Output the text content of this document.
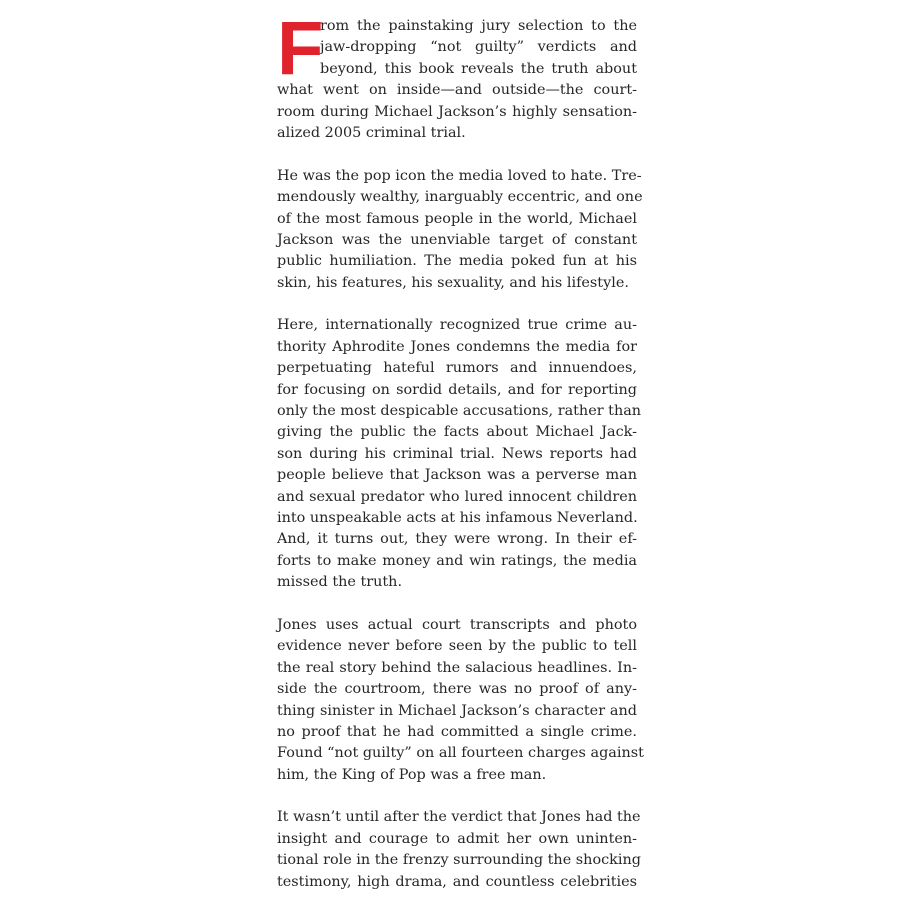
F
rom the painstaking jury selection to the
jaw-dropping “not guilty” verdicts and
beyond, this book reveals the truth about
what went on inside—and outside—the court-
room during Michael Jackson’s highly sensation-
alized 2005 criminal trial.
He was the pop icon the media loved to hate. Tre-
mendously wealthy, inarguably eccentric, and one
of the most famous people in the world, Michael
Jackson was the unenviable target of constant
public humiliation. The media poked fun at his
skin, his features, his sexuality, and his lifestyle.
Here, internationally recognized true crime au-
thority Aphrodite Jones condemns the media for
perpetuating hateful rumors and innuendoes,
for focusing on sordid details, and for reporting
only the most despicable accusations, rather than
giving the public the facts about Michael Jack-
son during his criminal trial. News reports had
people believe that Jackson was a perverse man
and sexual predator who lured innocent children
into unspeakable acts at his infamous Neverland.
And, it turns out, they were wrong. In their ef-
forts to make money and win ratings, the media
missed the truth.
Jones uses actual court transcripts and photo
evidence never before seen by the public to tell
the real story behind the salacious headlines. In-
side the courtroom, there was no proof of any-
thing sinister in Michael Jackson’s character and
no proof that he had committed a single crime.
Found “not guilty” on all fourteen charges against
him, the King of Pop was a free man.
It wasn’t until after the verdict that Jones had the
insight and courage to admit her own uninten-
tional role in the frenzy surrounding the shocking
testimony, high drama, and countless celebrities
